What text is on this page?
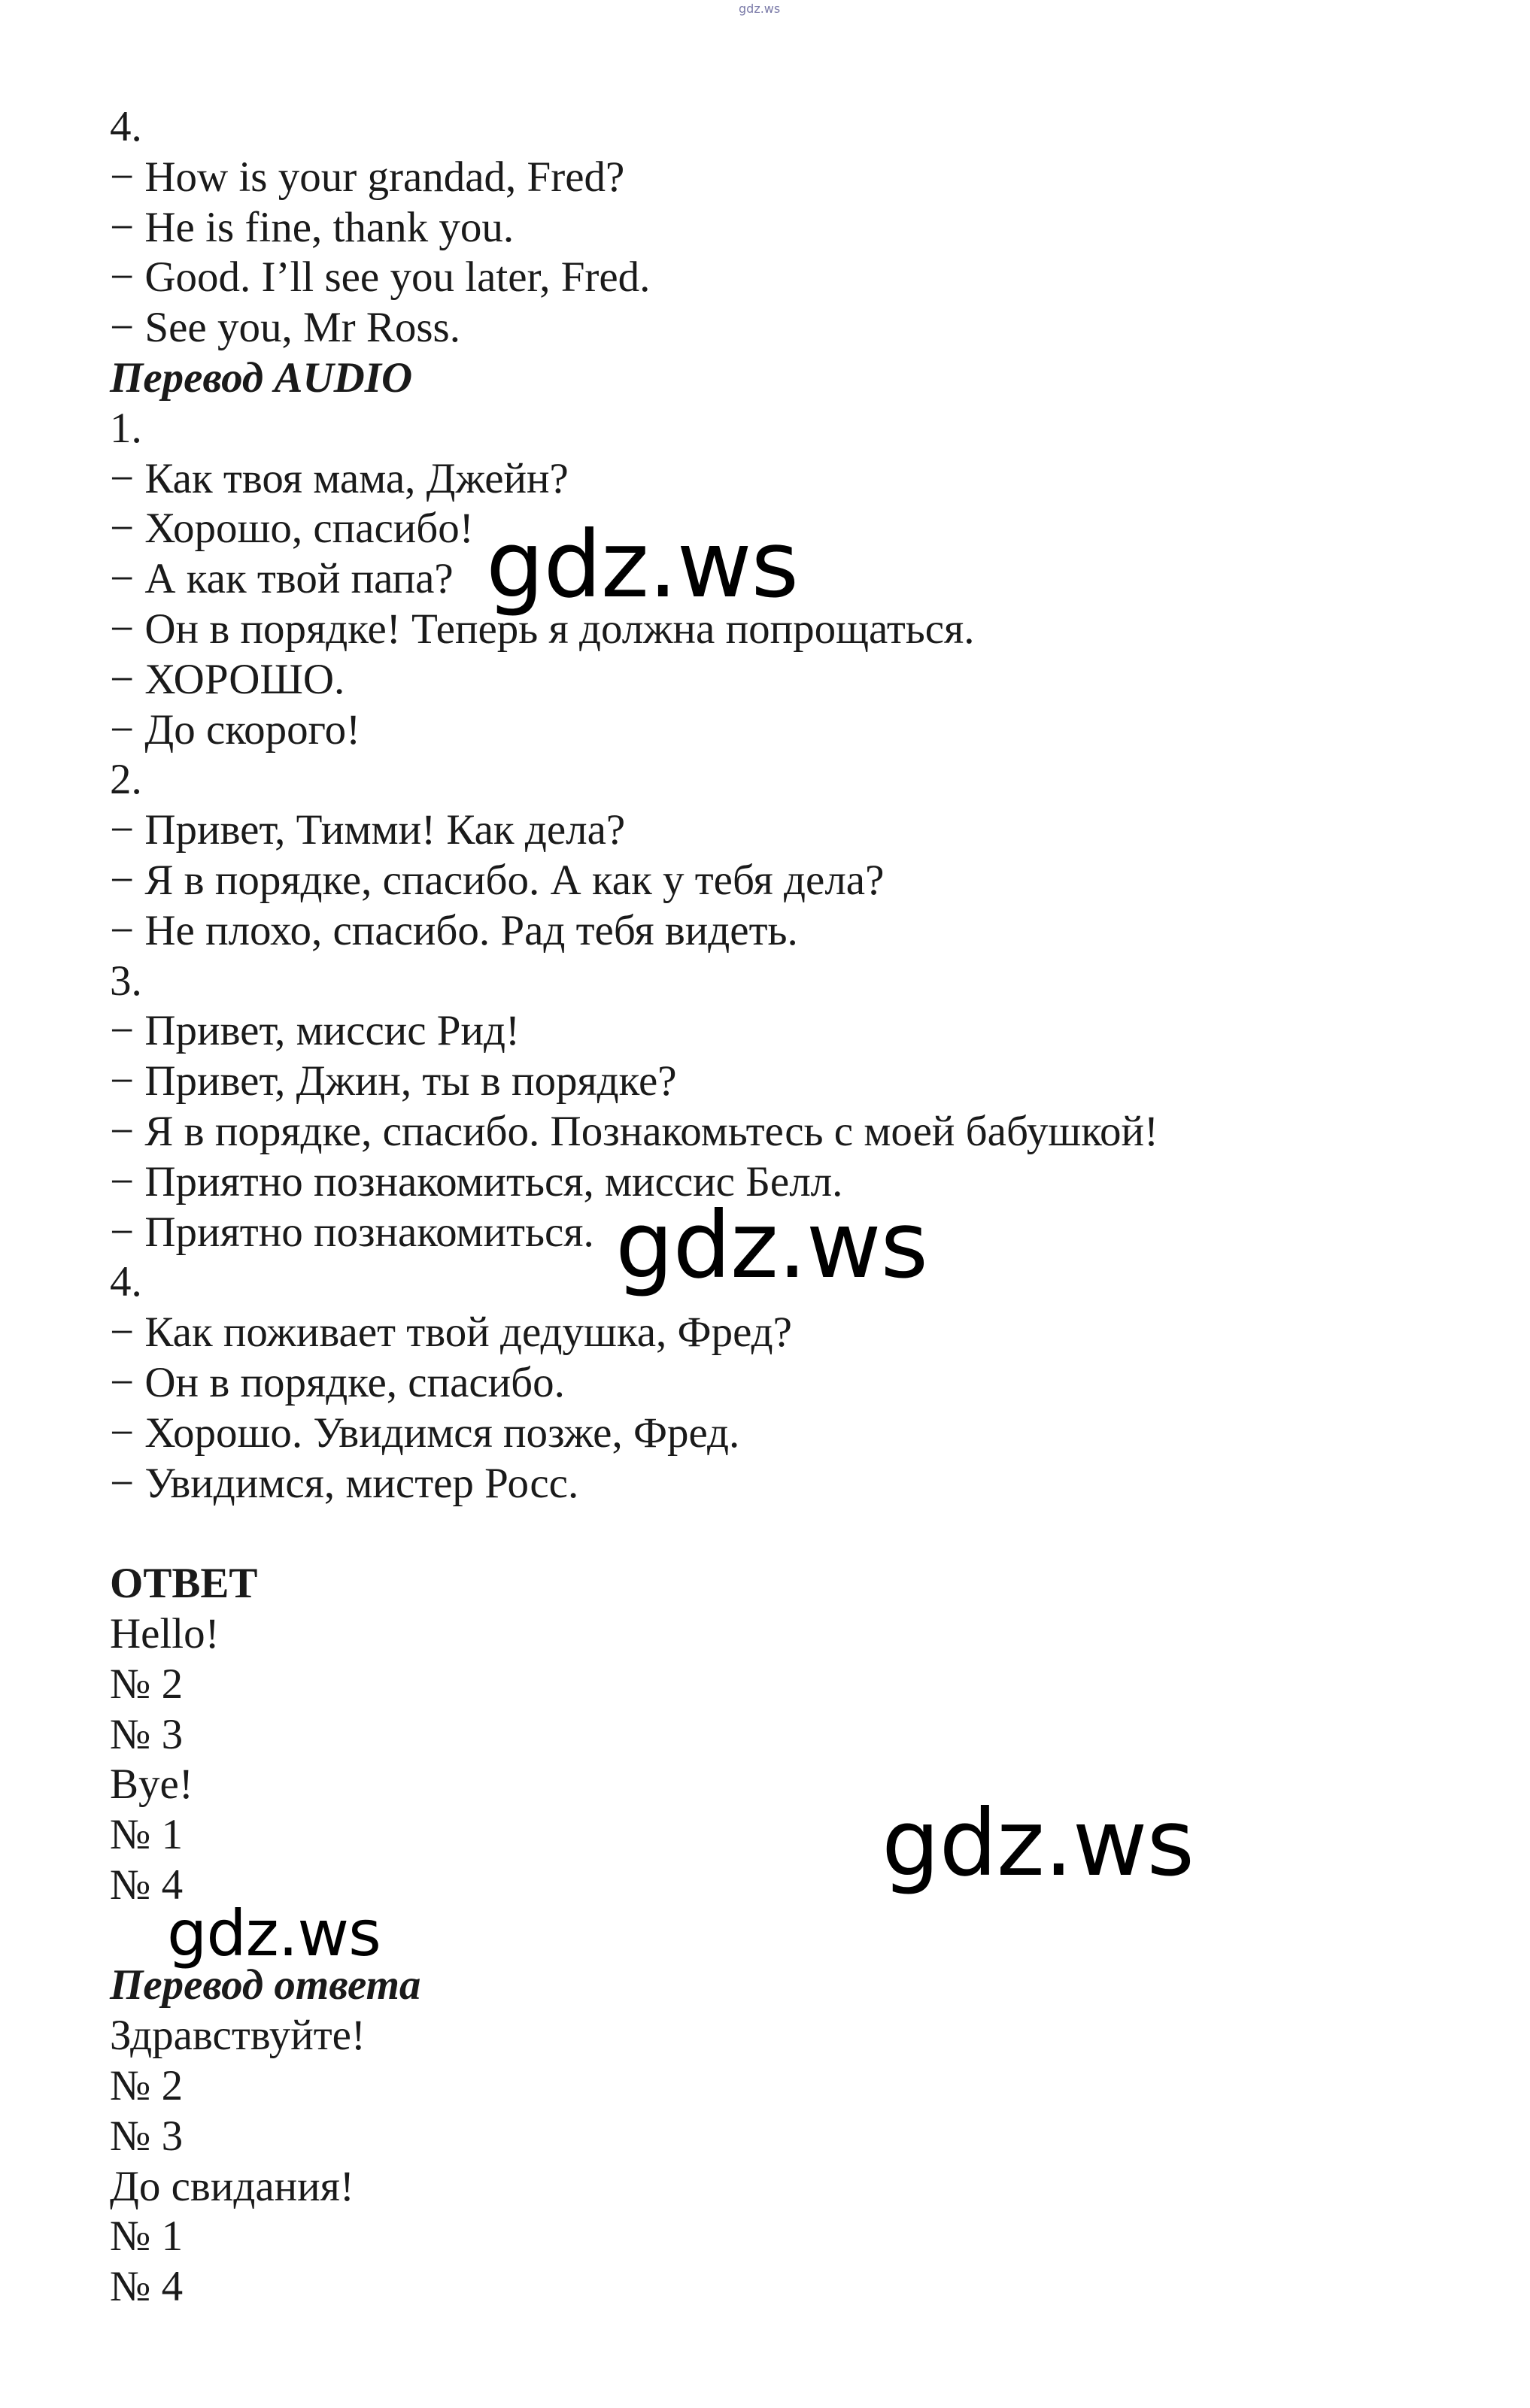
gdz.ws
4.
− How is your grandad, Fred?
− He is fine, thank you.
− Good. I’ll see you later, Fred.
− See you, Mr Ross.
Перевод AUDIO
1.
− Как твоя мама, Джейн?
− Хорошо, спасибо!
− А как твой папа?
− Он в порядке! Теперь я должна попрощаться.
− ХОРОШО.
− До скорого!
2.
− Привет, Тимми! Как дела?
− Я в порядке, спасибо. А как у тебя дела?
− Не плохо, спасибо. Рад тебя видеть.
3.
− Привет, миссис Рид!
− Привет, Джин, ты в порядке?
− Я в порядке, спасибо. Познакомьтесь с моей бабушкой!
− Приятно познакомиться, миссис Белл.
− Приятно познакомиться.
4.
− Как поживает твой дедушка, Фред?
− Он в порядке, спасибо.
− Хорошо. Увидимся позже, Фред.
− Увидимся, мистер Росс.
ОТВЕТ
Hello!
№ 2
№ 3
Bye!
№ 1
№ 4
Перевод ответа
Здравствуйте!
№ 2
№ 3
До свидания!
№ 1
№ 4
gdz.ws
gdz.ws
gdz.ws
gdz.ws
